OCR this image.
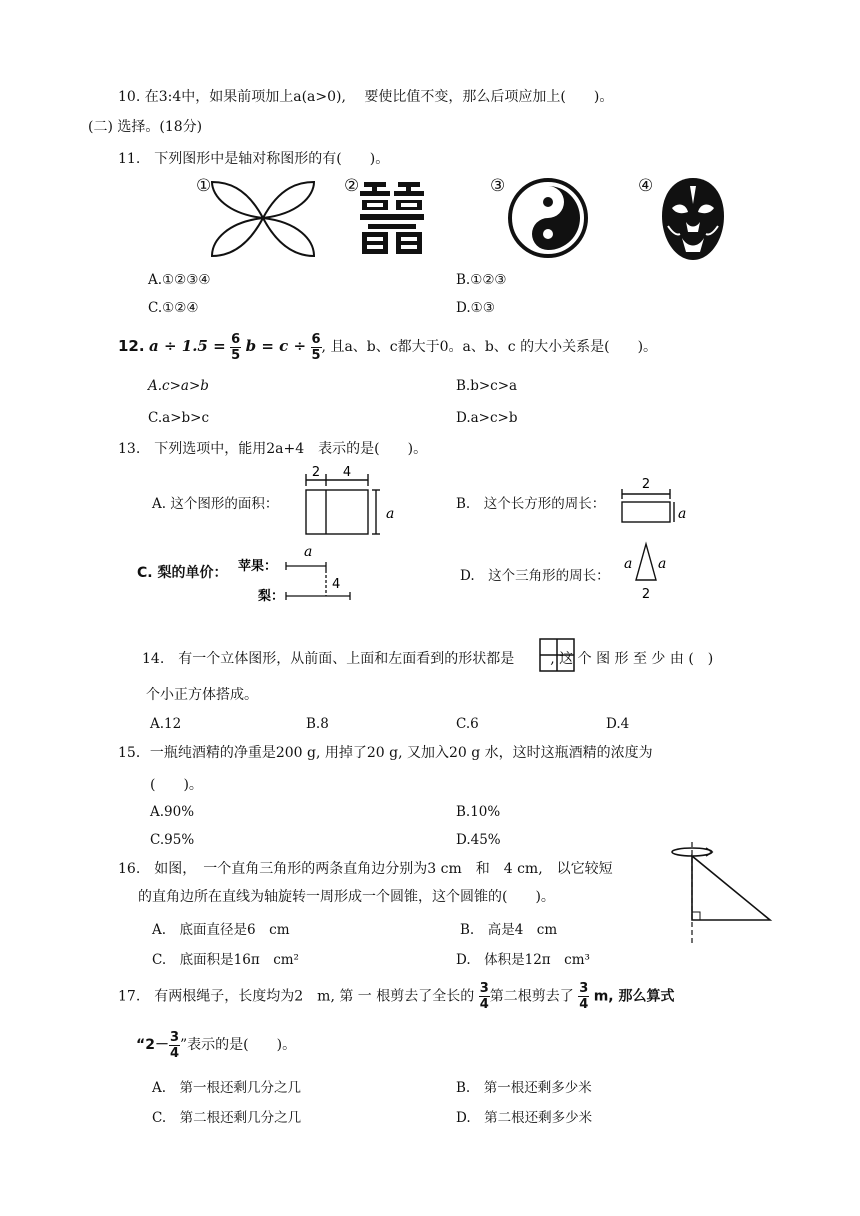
10. 在3:4中，如果前项加上a(a>0),　 要使比值不变，那么后项应加上(　　)。
(二) 选择。(18分)
11.　下列图形中是轴对称图形的有(　　)。
①	②	③	④
A.①②③④	B.①②③
C.①②④	D.①③
12. $a \div 1.5 = \frac{6}{5}$ $b = c \div \frac{6}{5}$ , 且a、b、c都大于0。a、b、c 的大小关系是(　　)。
A.c>a>b	B.b>c>a
C.a>b>c	D.a>c>b
13.　下列选项中，能用2a+4　表示的是(　　)。
A. 这个图形的面积：
2 4
a
B.　这个长方形的周长：
2
a
C. 梨的单价： 苹果：
梨：
a
4
D.　这个三角形的周长：
a a
2
14.　有一个立体图形，从前面、上面和左面看到的形状都是	, 这 个 图 形 至 少 由 (　)
个小正方体搭成。
A.12	B.8	C.6	D.4
15．一瓶纯酒精的净重是200 g, 用掉了20 g, 又加入20 g 水，这时这瓶酒精的浓度为
(　　)。
A.90%	B.10%
C.95%	D.45%
16.　如图，　一个直角三角形的两条直角边分别为3 cm　和　4 cm,　以它较短
的直角边所在直线为轴旋转一周形成一个圆锥，这个圆锥的(　　)。
A.　底面直径是6　cm	B.　高是4　cm
C.　底面积是16π　cm²	D.　体积是12π　cm³
17.　有两根绳子，长度均为2　m, 第 一 根剪去了全长的 $\frac{3}{4}$ 第二根剪去了 $\frac{3}{4} m$, 那么算式
“$2- \frac{3}{4}$ ”表示的是(　　)。
A.　第一根还剩几分之几	B.　第一根还剩多少米
C.　第二根还剩几分之几	D.　第二根还剩多少米
